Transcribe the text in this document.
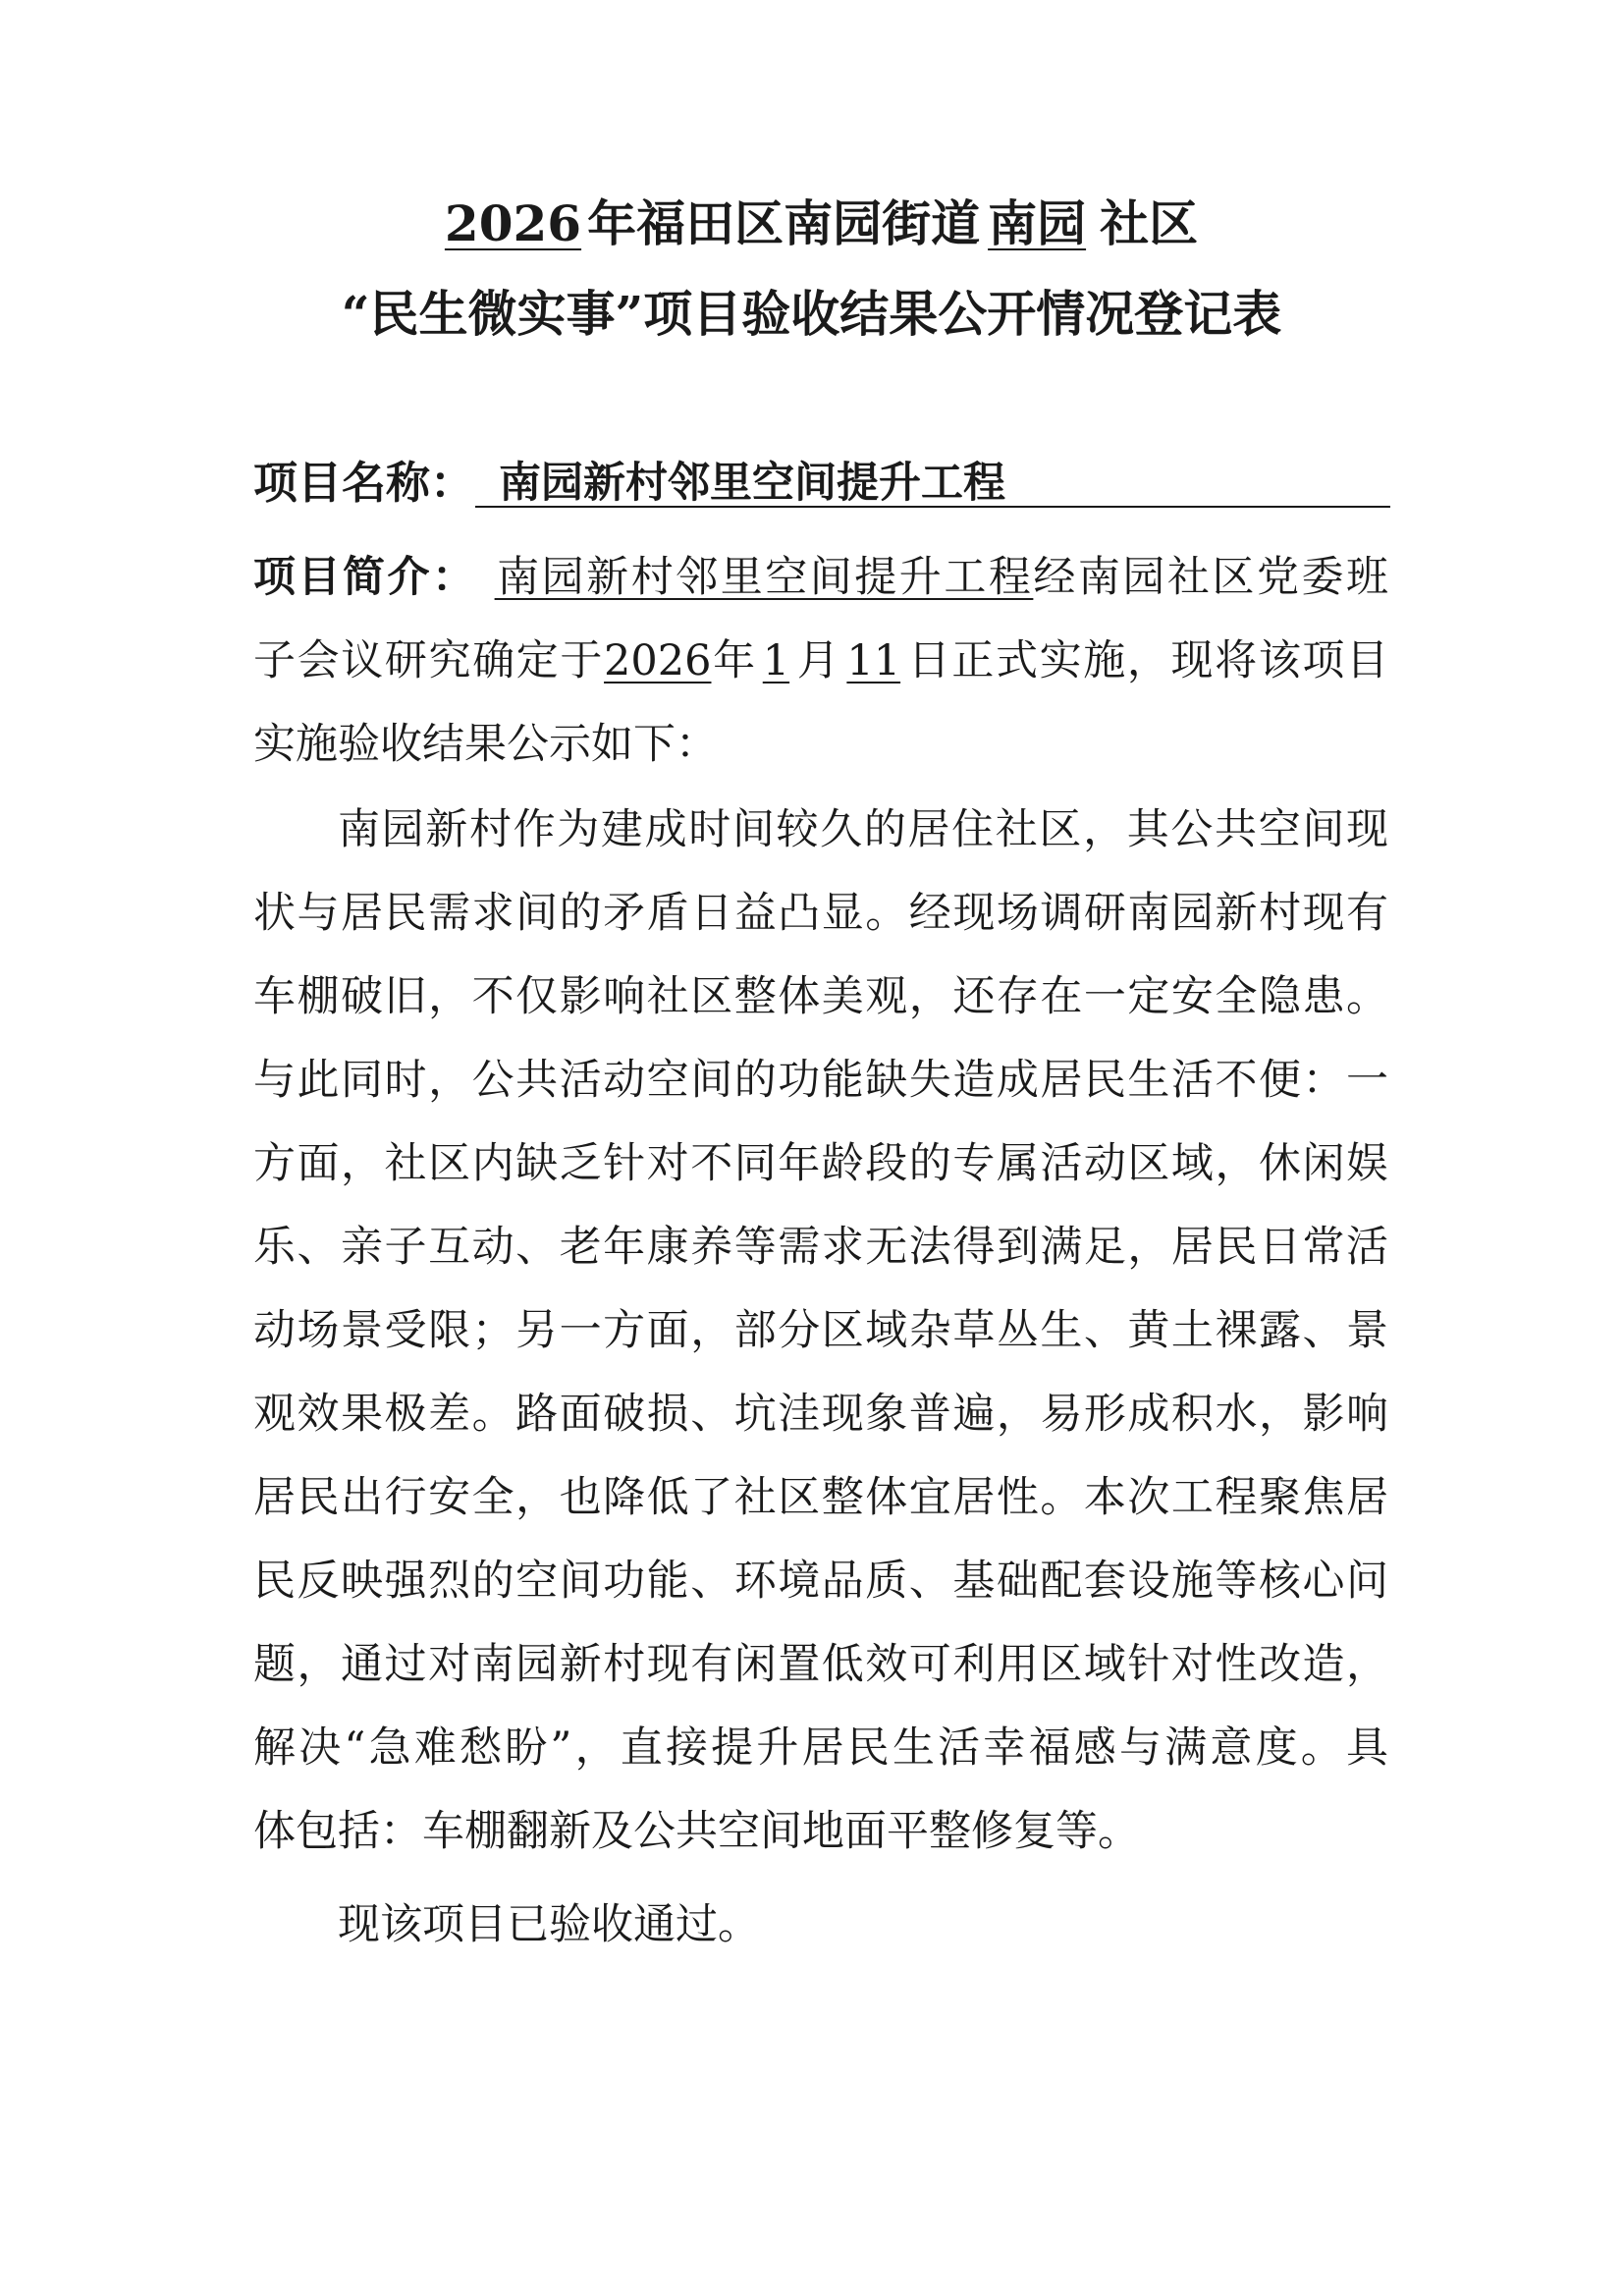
2026 年福田区南园街道 南园 社区
“民生微实事”项目验收结果公开情况登记表
项目名称： 南园新村邻里空间提升工程
项目简介： 南园新村邻里空间提升工程经南园社区党委班
子会议研究确定于2026年 1 月 11 日正式实施，现将该项目
实施验收结果公示如下：
南园新村作为建成时间较久的居住社区，其公共空间现
状与居民需求间的矛盾日益凸显。经现场调研南园新村现有
车棚破旧，不仅影响社区整体美观，还存在一定安全隐患。
与此同时，公共活动空间的功能缺失造成居民生活不便：一
方面，社区内缺乏针对不同年龄段的专属活动区域，休闲娱
乐、亲子互动、老年康养等需求无法得到满足，居民日常活
动场景受限；另一方面，部分区域杂草丛生、黄土裸露、景
观效果极差。路面破损、坑洼现象普遍，易形成积水，影响
居民出行安全，也降低了社区整体宜居性。本次工程聚焦居
民反映强烈的空间功能、环境品质、基础配套设施等核心问
题，通过对南园新村现有闲置低效可利用区域针对性改造，
解决“急难愁盼”，直接提升居民生活幸福感与满意度。具
体包括：车棚翻新及公共空间地面平整修复等。
现该项目已验收通过。
